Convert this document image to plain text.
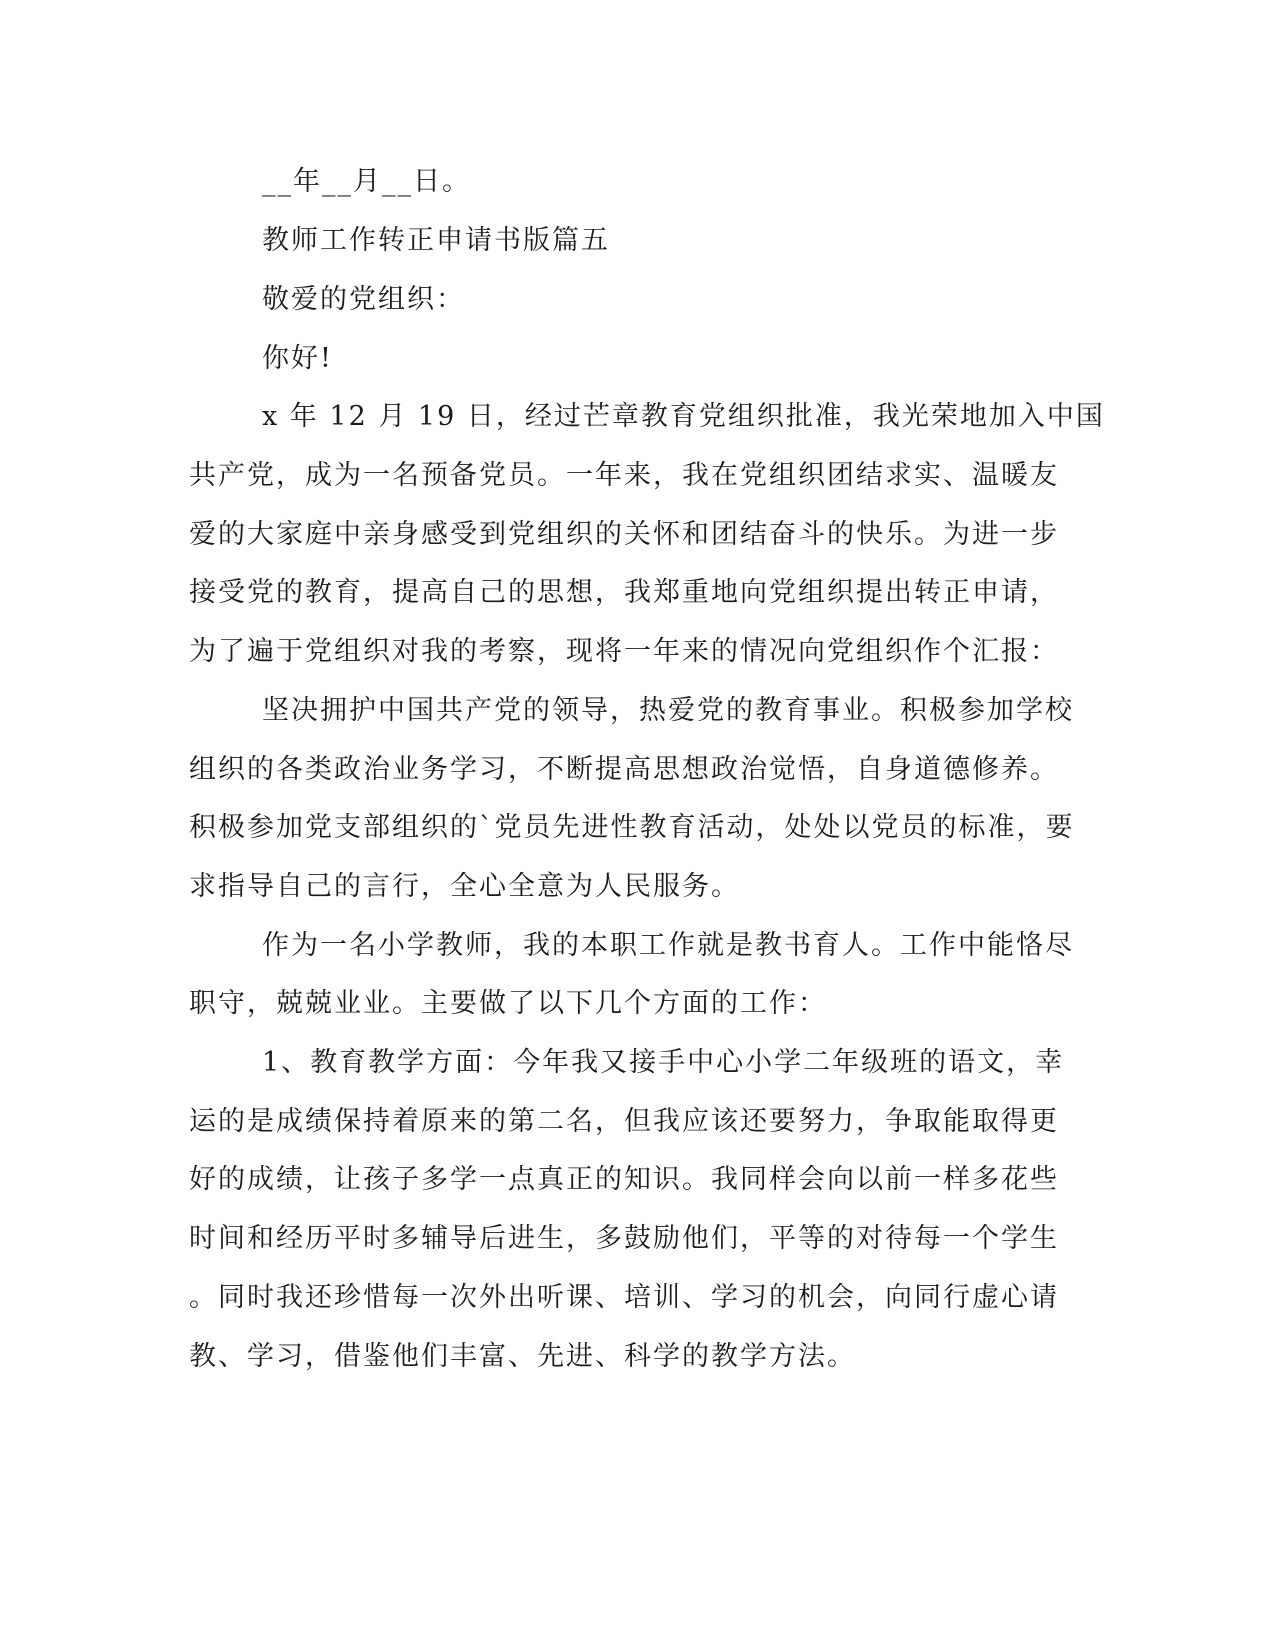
__年__月__日。
教师工作转正申请书版篇五
敬爱的党组织：
你好!
x 年 12 月 19 日，经过芒章教育党组织批准，我光荣地加入中国
共产党，成为一名预备党员。一年来，我在党组织团结求实、温暖友
爱的大家庭中亲身感受到党组织的关怀和团结奋斗的快乐。为进一步
接受党的教育，提高自己的思想，我郑重地向党组织提出转正申请，
为了遍于党组织对我的考察，现将一年来的情况向党组织作个汇报：
坚决拥护中国共产党的领导，热爱党的教育事业。积极参加学校
组织的各类政治业务学习，不断提高思想政治觉悟，自身道德修养。
积极参加党支部组织的`党员先进性教育活动，处处以党员的标准，要
求指导自己的言行，全心全意为人民服务。
作为一名小学教师，我的本职工作就是教书育人。工作中能恪尽
职守，兢兢业业。主要做了以下几个方面的工作：
1、教育教学方面：今年我又接手中心小学二年级班的语文，幸
运的是成绩保持着原来的第二名，但我应该还要努力，争取能取得更
好的成绩，让孩子多学一点真正的知识。我同样会向以前一样多花些
时间和经历平时多辅导后进生，多鼓励他们，平等的对待每一个学生
。同时我还珍惜每一次外出听课、培训、学习的机会，向同行虚心请
教、学习，借鉴他们丰富、先进、科学的教学方法。
